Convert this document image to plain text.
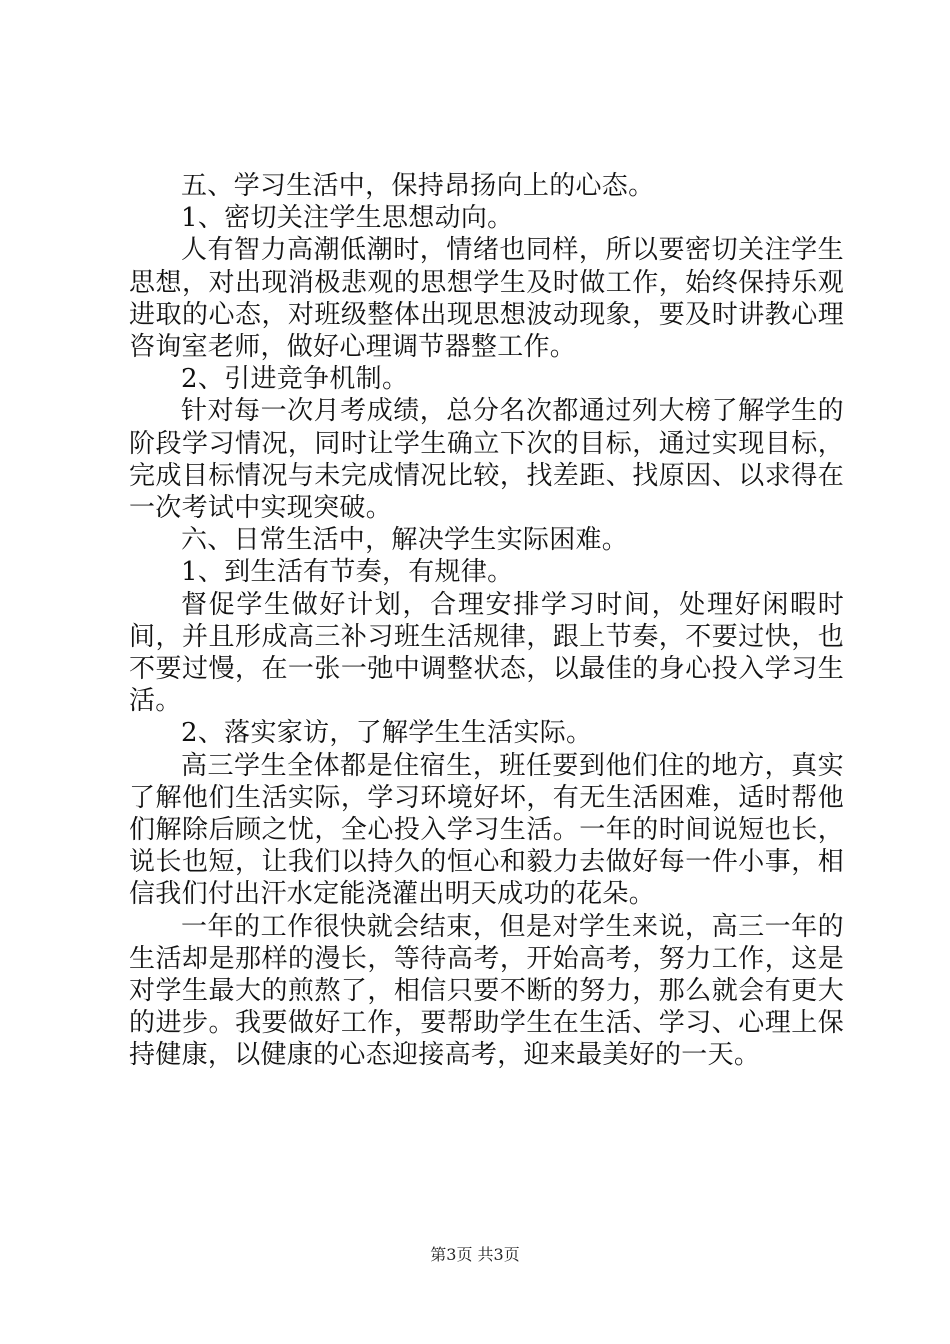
五、学习生活中，保持昂扬向上的心态。

1、密切关注学生思想动向。

人有智力高潮低潮时，情绪也同样，所以要密切关注学生思想，对出现消极悲观的思想学生及时做工作，始终保持乐观进取的心态，对班级整体出现思想波动现象，要及时讲教心理咨询室老师，做好心理调节器整工作。

2、引进竞争机制。

针对每一次月考成绩，总分名次都通过列大榜了解学生的阶段学习情况，同时让学生确立下次的目标，通过实现目标，完成目标情况与未完成情况比较，找差距、找原因、以求得在一次考试中实现突破。

六、日常生活中，解决学生实际困难。

1、到生活有节奏，有规律。

督促学生做好计划，合理安排学习时间，处理好闲暇时间，并且形成高三补习班生活规律，跟上节奏，不要过快，也不要过慢，在一张一弛中调整状态，以最佳的身心投入学习生活。

2、落实家访，了解学生生活实际。

高三学生全体都是住宿生，班任要到他们住的地方，真实了解他们生活实际，学习环境好坏，有无生活困难，适时帮他们解除后顾之忧，全心投入学习生活。一年的时间说短也长，说长也短，让我们以持久的恒心和毅力去做好每一件小事，相信我们付出汗水定能浇灌出明天成功的花朵。

一年的工作很快就会结束，但是对学生来说，高三一年的生活却是那样的漫长，等待高考，开始高考，努力工作，这是对学生最大的煎熬了，相信只要不断的努力，那么就会有更大的进步。我要做好工作，要帮助学生在生活、学习、心理上保持健康，以健康的心态迎接高考，迎来最美好的一天。

第3页 共3页
